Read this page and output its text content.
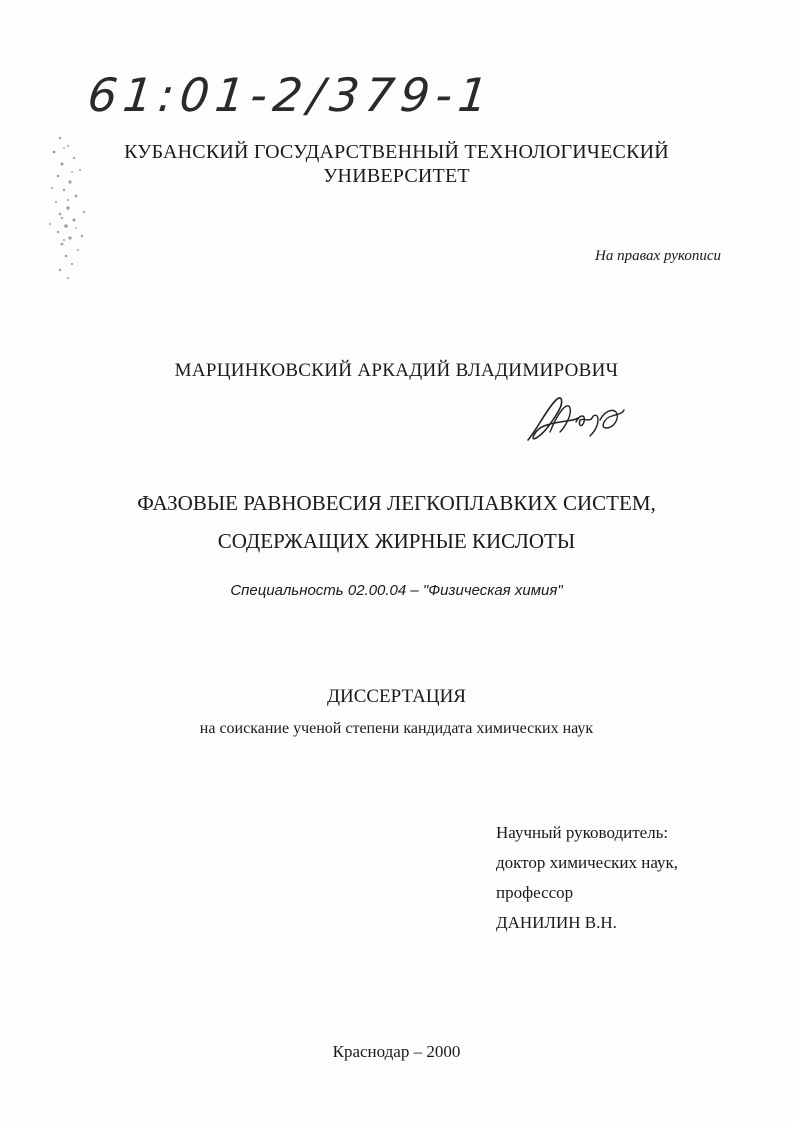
61:01-2/379-1
КУБАНСКИЙ ГОСУДАРСТВЕННЫЙ ТЕХНОЛОГИЧЕСКИЙ
УНИВЕРСИТЕТ
На правах рукописи
МАРЦИНКОВСКИЙ АРКАДИЙ ВЛАДИМИРОВИЧ
ФАЗОВЫЕ РАВНОВЕСИЯ ЛЕГКОПЛАВКИХ СИСТЕМ,
СОДЕРЖАЩИХ ЖИРНЫЕ КИСЛОТЫ
Специальность 02.00.04 – "Физическая химия"
ДИССЕРТАЦИЯ
на соискание ученой степени кандидата химических наук
Научный руководитель:
доктор химических наук,
профессор
ДАНИЛИН В.Н.
Краснодар – 2000
